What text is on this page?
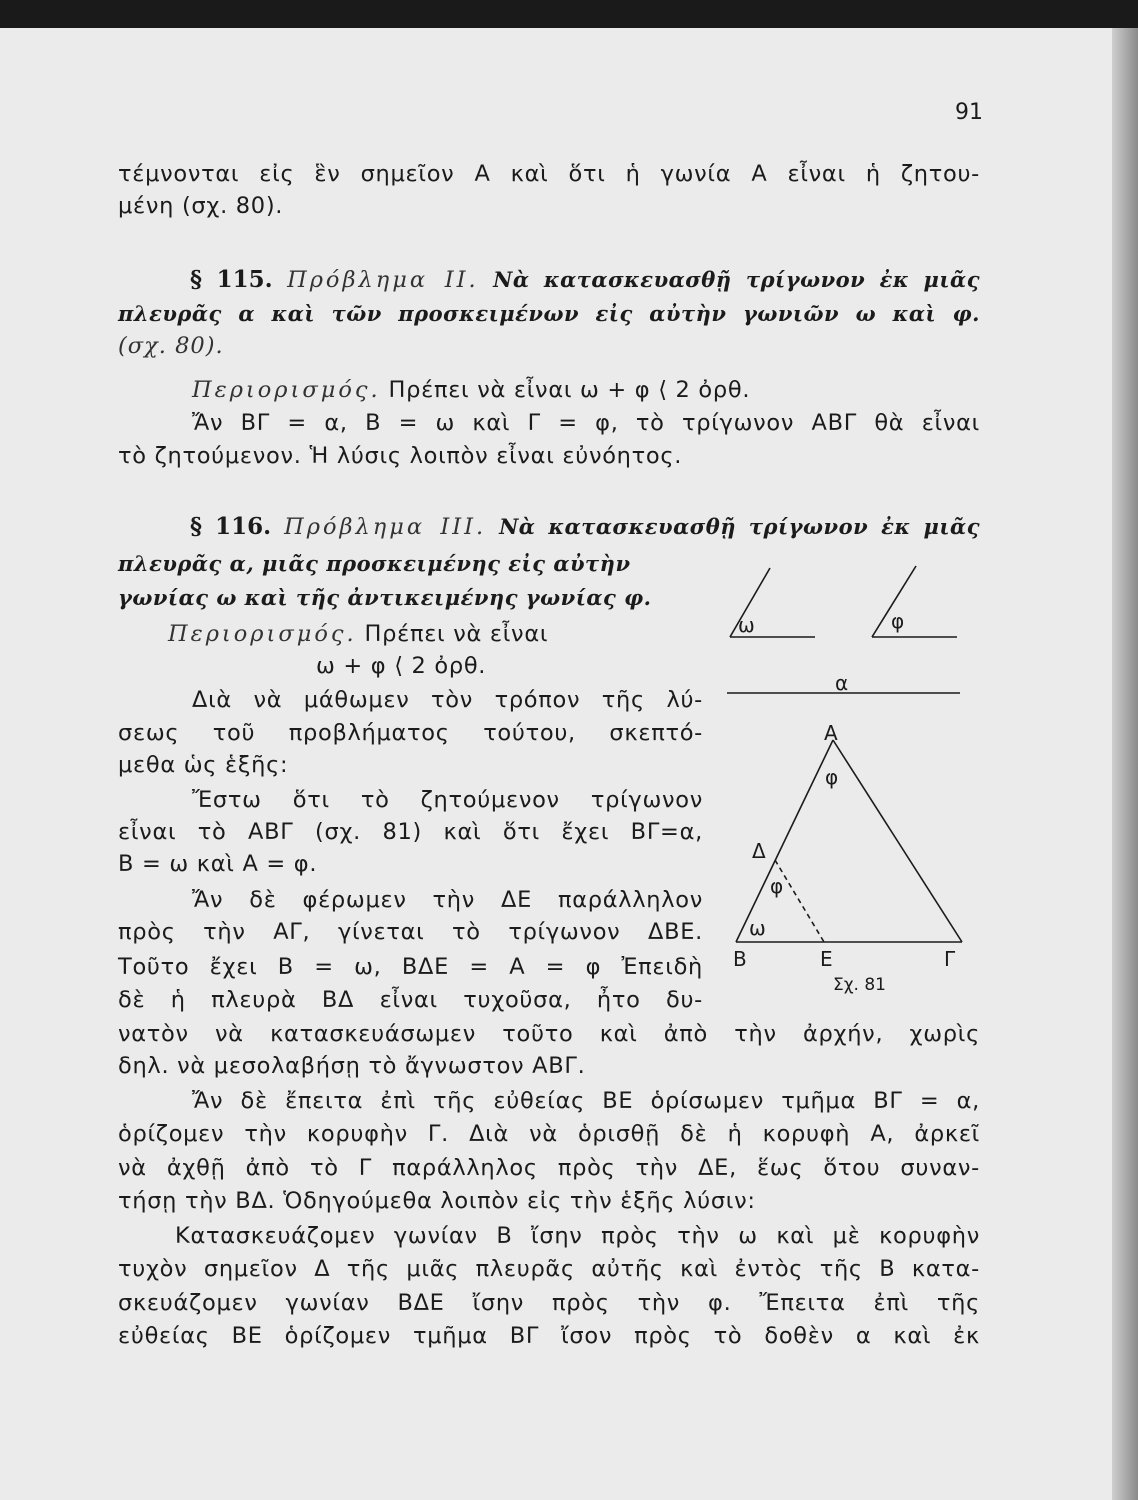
91
τέμνονται εἰς ἓν σημεῖον Α καὶ ὅτι ἡ γωνία Α εἶναι ἡ ζητου-
μένη (σχ. 80).
§ 115. Πρόβλημα ΙΙ. Νὰ κατασκευασθῇ τρίγωνον ἐκ μιᾶς
πλευρᾶς α καὶ τῶν προσκειμένων εἰς αὐτὴν γωνιῶν ω καὶ φ.
(σχ. 80).
Περιορισμός. Πρέπει νὰ εἶναι ω + φ ⟨ 2 ὀρθ.
Ἄν ΒΓ = α, Β = ω καὶ Γ = φ, τὸ τρίγωνον ΑΒΓ θὰ εἶναι
τὸ ζητούμενον. Ἡ λύσις λοιπὸν εἶναι εὐνόητος.
§ 116. Πρόβλημα ΙΙΙ. Νὰ κατασκευασθῇ τρίγωνον ἐκ μιᾶς
πλευρᾶς α, μιᾶς προσκειμένης εἰς αὐτὴν
γωνίας ω καὶ τῆς ἀντικειμένης γωνίας φ.
Περιορισμός. Πρέπει νὰ εἶναι
ω + φ ⟨ 2 ὀρθ.
Διὰ νὰ μάθωμεν τὸν τρόπον τῆς λύ-
σεως τοῦ προβλήματος τούτου, σκεπτό-
μεθα ὡς ἑξῆς:
Ἔστω ὅτι τὸ ζητούμενον τρίγωνον
εἶναι τὸ ΑΒΓ (σχ. 81) καὶ ὅτι ἔχει ΒΓ=α,
Β = ω καὶ Α = φ.
Ἄν δὲ φέρωμεν τὴν ΔΕ παράλληλον
πρὸς τὴν ΑΓ, γίνεται τὸ τρίγωνον ΔΒΕ.
Τοῦτο ἔχει Β = ω, ΒΔΕ = Α = φ Ἐπειδὴ
δὲ ἡ πλευρὰ ΒΔ εἶναι τυχοῦσα, ἦτο δυ-
νατὸν νὰ κατασκευάσωμεν τοῦτο καὶ ἀπὸ τὴν ἀρχήν, χωρὶς
δηλ. νὰ μεσολαβήσῃ τὸ ἄγνωστον ΑΒΓ.
Ἄν δὲ ἔπειτα ἐπὶ τῆς εὐθείας ΒΕ ὁρίσωμεν τμῆμα ΒΓ = α,
ὁρίζομεν τὴν κορυφὴν Γ. Διὰ νὰ ὁρισθῇ δὲ ἡ κορυφὴ Α, ἀρκεῖ
νὰ ἀχθῇ ἀπὸ τὸ Γ παράλληλος πρὸς τὴν ΔΕ, ἕως ὅτου συναν-
τήσῃ τὴν ΒΔ. Ὁδηγούμεθα λοιπὸν εἰς τὴν ἑξῆς λύσιν:
Κατασκευάζομεν γωνίαν Β ἴσην πρὸς τὴν ω καὶ μὲ κορυφὴν
τυχὸν σημεῖον Δ τῆς μιᾶς πλευρᾶς αὐτῆς καὶ ἐντὸς τῆς Β κατα-
σκευάζομεν γωνίαν ΒΔΕ ἴσην πρὸς τὴν φ. Ἔπειτα ἐπὶ τῆς
εὐθείας ΒΕ ὁρίζομεν τμῆμα ΒΓ ἴσον πρὸς τὸ δοθὲν α καὶ ἐκ
ω	φ
α
Α
φ
Δ
φ
ω
Β	Ε	Γ
Σχ. 81
